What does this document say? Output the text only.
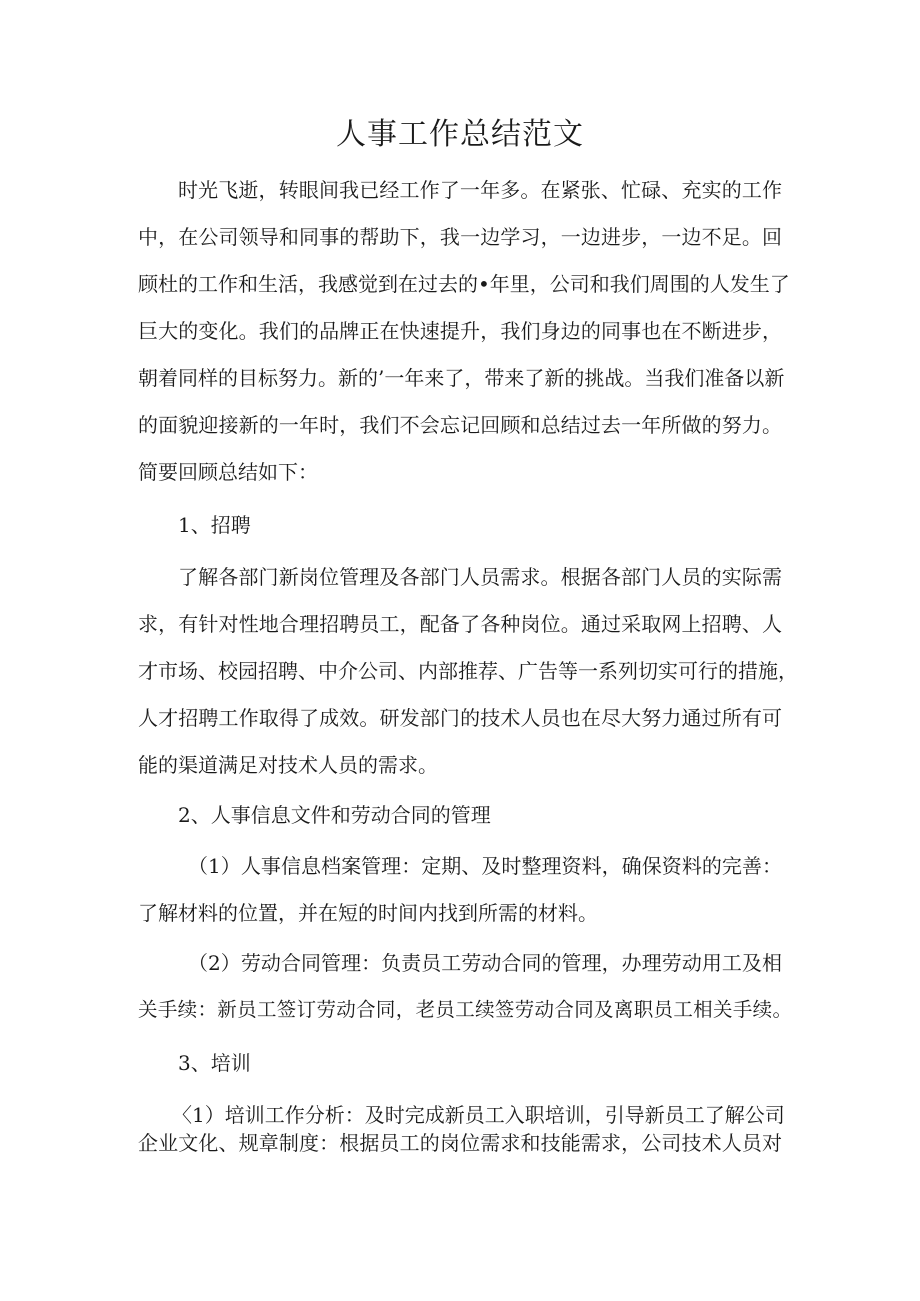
人事工作总结范文

时光飞逝，转眼间我已经工作了一年多。在紧张、忙碌、充实的工作

中，在公司领导和同事的帮助下，我一边学习，一边进步，一边不足。回

顾杜的工作和生活，我感觉到在过去的•年里，公司和我们周围的人发生了

巨大的变化。我们的品牌正在快速提升，我们身边的同事也在不断进步，

朝着同样的目标努力。新的’一年来了，带来了新的挑战。当我们准备以新

的面貌迎接新的一年时，我们不会忘记回顾和总结过去一年所做的努力。

简要回顾总结如下：

1、招聘

了解各部门新岗位管理及各部门人员需求。根据各部门人员的实际需

求，有针对性地合理招聘员工，配备了各种岗位。通过采取网上招聘、人

才市场、校园招聘、中介公司、内部推荐、广告等一系列切实可行的措施，

人才招聘工作取得了成效。研发部门的技术人员也在尽大努力通过所有可

能的渠道满足对技术人员的需求。

2、人事信息文件和劳动合同的管理

（1）人事信息档案管理：定期、及时整理资料，确保资料的完善：

了解材料的位置，并在短的时间内找到所需的材料。

（2）劳动合同管理：负责员工劳动合同的管理，办理劳动用工及相

关手续：新员工签订劳动合同，老员工续签劳动合同及离职员工相关手续。

3、培训

〈1）培训工作分析：及时完成新员工入职培训，引导新员工了解公司

企业文化、规章制度：根据员工的岗位需求和技能需求，公司技术人员对
